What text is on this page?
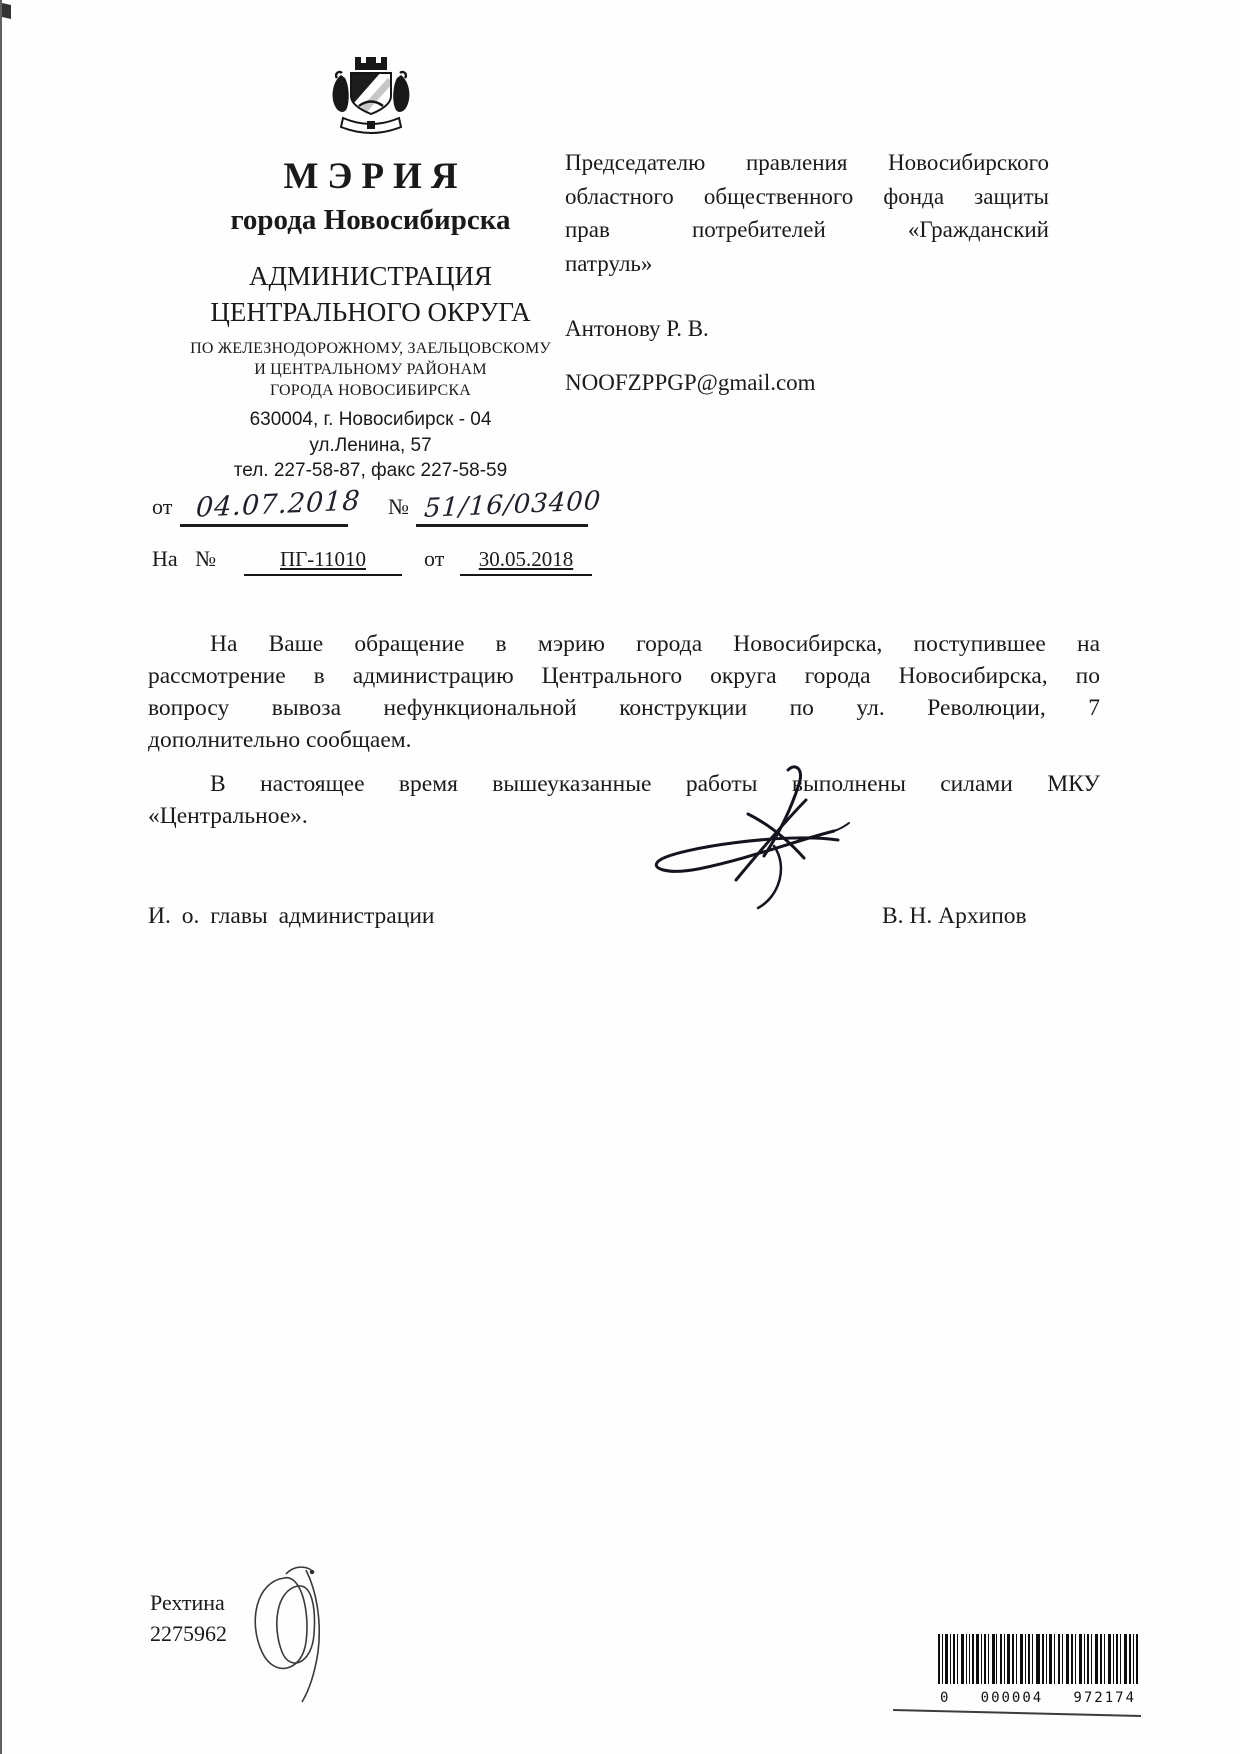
МЭРИЯ
города Новосибирска
АДМИНИСТРАЦИЯ
ЦЕНТРАЛЬНОГО ОКРУГА
ПО ЖЕЛЕЗНОДОРОЖНОМУ, ЗАЕЛЬЦОВСКОМУ
И ЦЕНТРАЛЬНОМУ РАЙОНАМ
ГОРОДА НОВОСИБИРСКА
630004, г. Новосибирск - 04
ул.Ленина, 57
тел. 227-58-87, факс 227-58-59
Председателю правления Новосибирского
областного общественного фонда защиты
прав потребителей «Гражданский
патруль»
Антонову Р. В.
NOOFZPPGP@gmail.com
от 04.07.2018 № 51/16/03400
На №	ПГ-11010	от	30.05.2018
На Ваше обращение в мэрию города Новосибирска, поступившее на
рассмотрение в администрацию Центрального округа города Новосибирска, по
вопросу вывоза нефункциональной конструкции по ул. Революции, 7
дополнительно сообщаем.
В настоящее время вышеуказанные работы выполнены силами МКУ
«Центральное».
И. о. главы администрации	В. Н. Архипов
Рехтина
2275962
0 000004 972174
